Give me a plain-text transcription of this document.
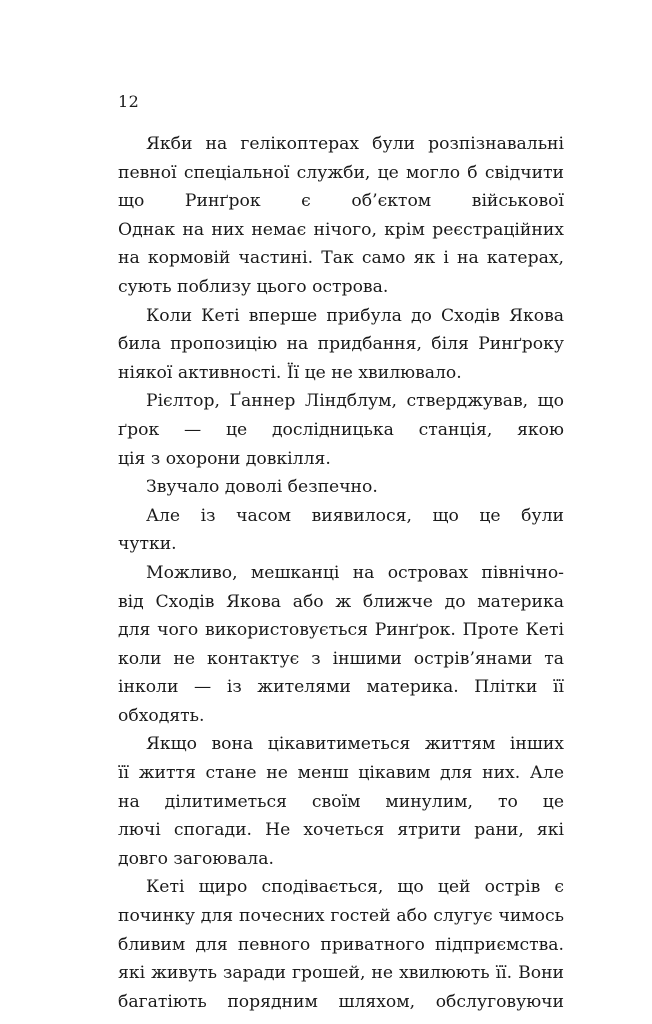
12
Якби на гелікоптерах були розпізнавальні
певної спеціальної служби, це могло б свідчити
що Ринґрок є об’єктом військової
Однак на них немає нічого, крім реєстраційних
на кормовій частині. Так само як і на катерах,
сують поблизу цього острова.
Коли Кеті вперше прибула до Сходів Якова
била пропозицію на придбання, біля Ринґроку
ніякої активності. Її це не хвилювало.
Рієлтор, Ґаннер Ліндблум, стверджував, що
ґрок — це дослідницька станція, якою
ція з охорони довкілля.
Звучало доволі безпечно.
Але із часом виявилося, що це були
чутки.
Можливо, мешканці на островах північно-
від Сходів Якова або ж ближче до материка
для чого використовується Ринґрок. Проте Кеті
коли не контактує з іншими острів’янами та
інколи — із жителями материка. Плітки її
обходять.
Якщо вона цікавитиметься життям інших
її життя стане не менш цікавим для них. Але
на ділитиметься своїм минулим, то це
лючі спогади. Не хочеться ятрити рани, які
довго загоювала.
Кеті щиро сподівається, що цей острів є
починку для почесних гостей або слугує чимось
бливим для певного приватного підприємства.
які живуть заради грошей, не хвилюють її. Вони
багатіють порядним шляхом, обслуговуючи
